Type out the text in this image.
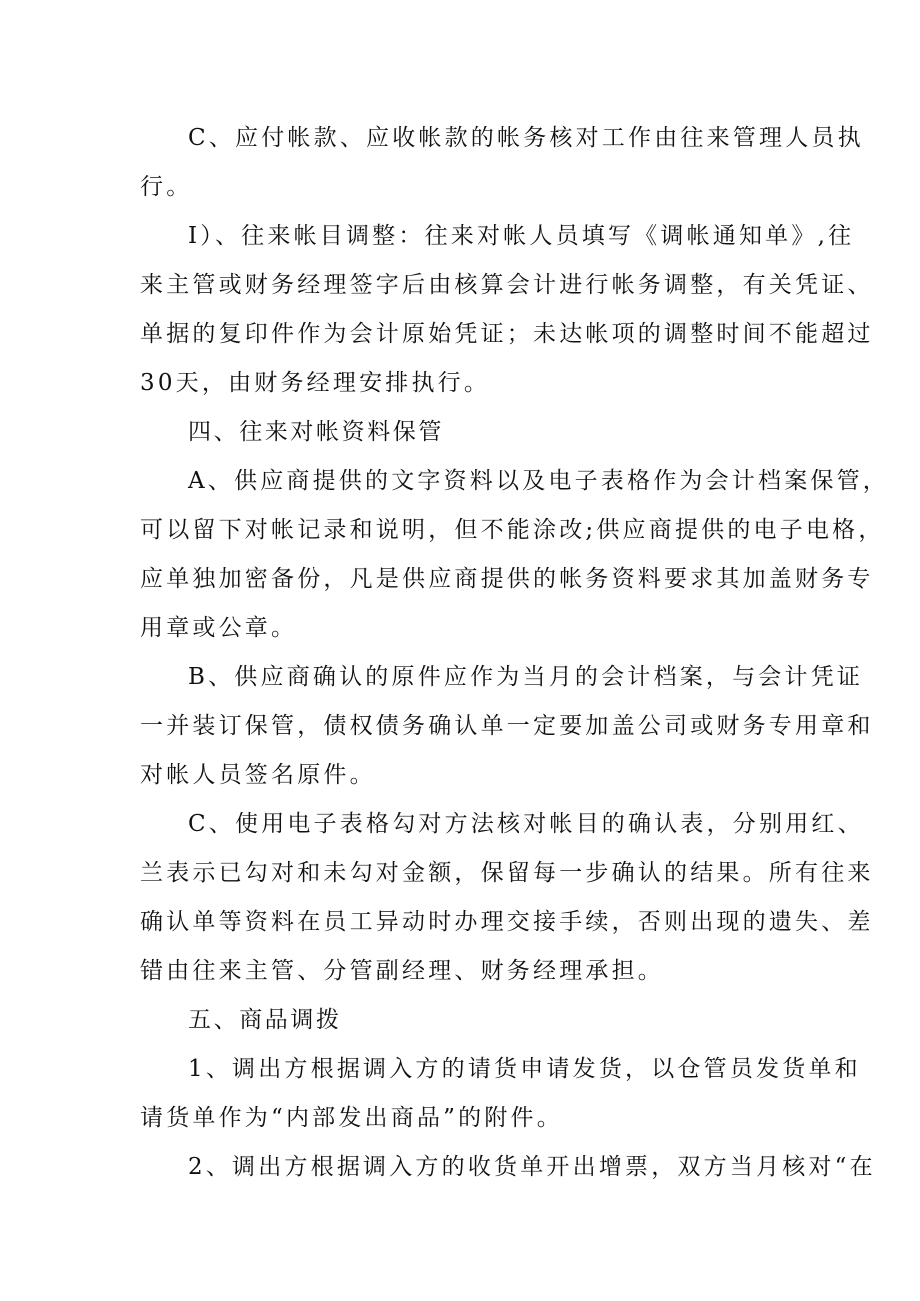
C、应付帐款、应收帐款的帐务核对工作由往来管理人员执
行。
I）、往来帐目调整：往来对帐人员填写《调帐通知单》,往
来主管或财务经理签字后由核算会计进行帐务调整，有关凭证、
单据的复印件作为会计原始凭证；未达帐项的调整时间不能超过
30天，由财务经理安排执行。
四、往来对帐资料保管
A、供应商提供的文字资料以及电子表格作为会计档案保管，
可以留下对帐记录和说明，但不能涂改;供应商提供的电子电格，
应单独加密备份，凡是供应商提供的帐务资料要求其加盖财务专
用章或公章。
B、供应商确认的原件应作为当月的会计档案，与会计凭证
一并装订保管，债权债务确认单一定要加盖公司或财务专用章和
对帐人员签名原件。
C、使用电子表格勾对方法核对帐目的确认表，分别用红、
兰表示已勾对和未勾对金额，保留每一步确认的结果。所有往来
确认单等资料在员工异动时办理交接手续，否则出现的遗失、差
错由往来主管、分管副经理、财务经理承担。
五、商品调拨
1、调出方根据调入方的请货申请发货，以仓管员发货单和
请货单作为“内部发出商品”的附件。
2、调出方根据调入方的收货单开出增票，双方当月核对“在
